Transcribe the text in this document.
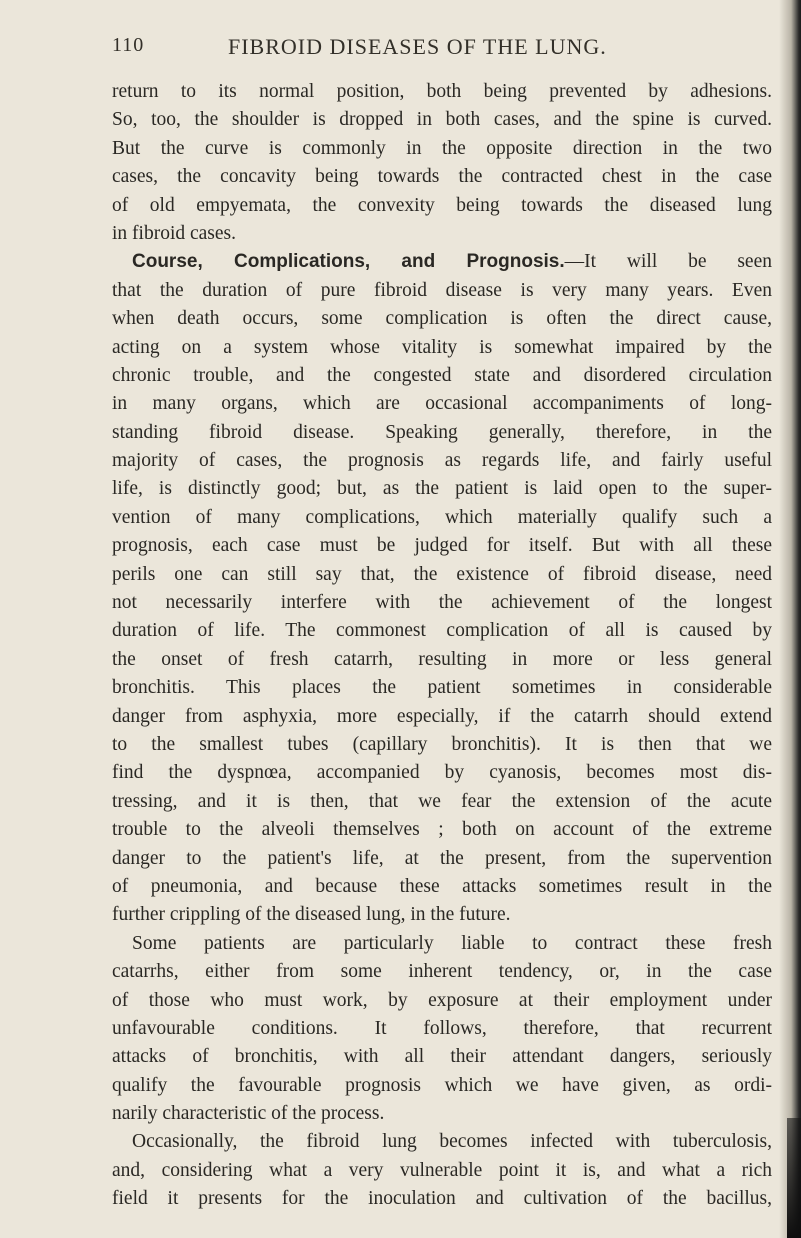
110	FIBROID DISEASES OF THE LUNG.
return to its normal position, both being prevented by adhesions.
So, too, the shoulder is dropped in both cases, and the spine is curved.
But the curve is commonly in the opposite direction in the two
cases, the concavity being towards the contracted chest in the case
of old empyemata, the convexity being towards the diseased lung
in fibroid cases.
Course, Complications, and Prognosis.—It will be seen
that the duration of pure fibroid disease is very many years. Even
when death occurs, some complication is often the direct cause,
acting on a system whose vitality is somewhat impaired by the
chronic trouble, and the congested state and disordered circulation
in many organs, which are occasional accompaniments of long-
standing fibroid disease. Speaking generally, therefore, in the
majority of cases, the prognosis as regards life, and fairly useful
life, is distinctly good; but, as the patient is laid open to the super-
vention of many complications, which materially qualify such a
prognosis, each case must be judged for itself. But with all these
perils one can still say that, the existence of fibroid disease, need
not necessarily interfere with the achievement of the longest
duration of life. The commonest complication of all is caused by
the onset of fresh catarrh, resulting in more or less general
bronchitis. This places the patient sometimes in considerable
danger from asphyxia, more especially, if the catarrh should extend
to the smallest tubes (capillary bronchitis). It is then that we
find the dyspnœa, accompanied by cyanosis, becomes most dis-
tressing, and it is then, that we fear the extension of the acute
trouble to the alveoli themselves ; both on account of the extreme
danger to the patient's life, at the present, from the supervention
of pneumonia, and because these attacks sometimes result in the
further crippling of the diseased lung, in the future.
Some patients are particularly liable to contract these fresh
catarrhs, either from some inherent tendency, or, in the case
of those who must work, by exposure at their employment under
unfavourable conditions. It follows, therefore, that recurrent
attacks of bronchitis, with all their attendant dangers, seriously
qualify the favourable prognosis which we have given, as ordi-
narily characteristic of the process.
Occasionally, the fibroid lung becomes infected with tuberculosis,
and, considering what a very vulnerable point it is, and what a rich
field it presents for the inoculation and cultivation of the bacillus,
